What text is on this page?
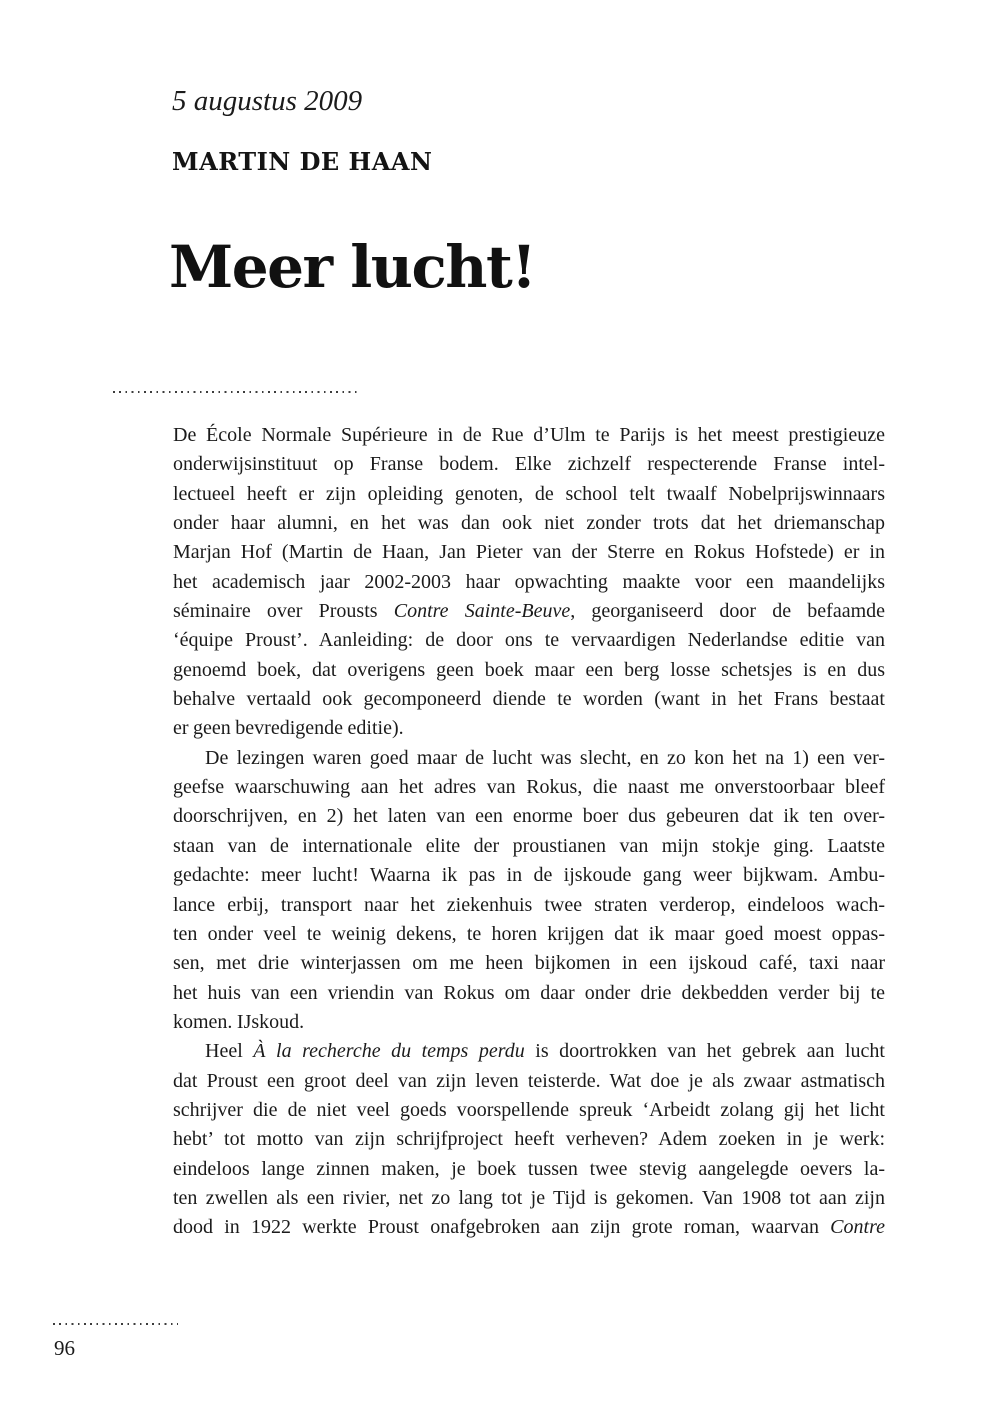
5 augustus 2009
MARTIN DE HAAN
Meer lucht!
De École Normale Supérieure in de Rue d’Ulm te Parijs is het meest prestigieuze
onderwijsinstituut op Franse bodem. Elke zichzelf respecterende Franse intel-
lectueel heeft er zijn opleiding genoten, de school telt twaalf Nobelprijswinnaars
onder haar alumni, en het was dan ook niet zonder trots dat het driemanschap
Marjan Hof (Martin de Haan, Jan Pieter van der Sterre en Rokus Hofstede) er in
het academisch jaar 2002-2003 haar opwachting maakte voor een maandelijks
séminaire over Prousts Contre Sainte-Beuve, georganiseerd door de befaamde
‘équipe Proust’. Aanleiding: de door ons te vervaardigen Nederlandse editie van
genoemd boek, dat overigens geen boek maar een berg losse schetsjes is en dus
behalve vertaald ook gecomponeerd diende te worden (want in het Frans bestaat
er geen bevredigende editie).
De lezingen waren goed maar de lucht was slecht, en zo kon het na 1) een ver-
geefse waarschuwing aan het adres van Rokus, die naast me onverstoorbaar bleef
doorschrijven, en 2) het laten van een enorme boer dus gebeuren dat ik ten over-
staan van de internationale elite der proustianen van mijn stokje ging. Laatste
gedachte: meer lucht! Waarna ik pas in de ijskoude gang weer bijkwam. Ambu-
lance erbij, transport naar het ziekenhuis twee straten verderop, eindeloos wach-
ten onder veel te weinig dekens, te horen krijgen dat ik maar goed moest oppas-
sen, met drie winterjassen om me heen bijkomen in een ijskoud café, taxi naar
het huis van een vriendin van Rokus om daar onder drie dekbedden verder bij te
komen. IJskoud.
Heel À la recherche du temps perdu is doortrokken van het gebrek aan lucht
dat Proust een groot deel van zijn leven teisterde. Wat doe je als zwaar astmatisch
schrijver die de niet veel goeds voorspellende spreuk ‘Arbeidt zolang gij het licht
hebt’ tot motto van zijn schrijfproject heeft verheven? Adem zoeken in je werk:
eindeloos lange zinnen maken, je boek tussen twee stevig aangelegde oevers la-
ten zwellen als een rivier, net zo lang tot je Tijd is gekomen. Van 1908 tot aan zijn
dood in 1922 werkte Proust onafgebroken aan zijn grote roman, waarvan Contre
96
